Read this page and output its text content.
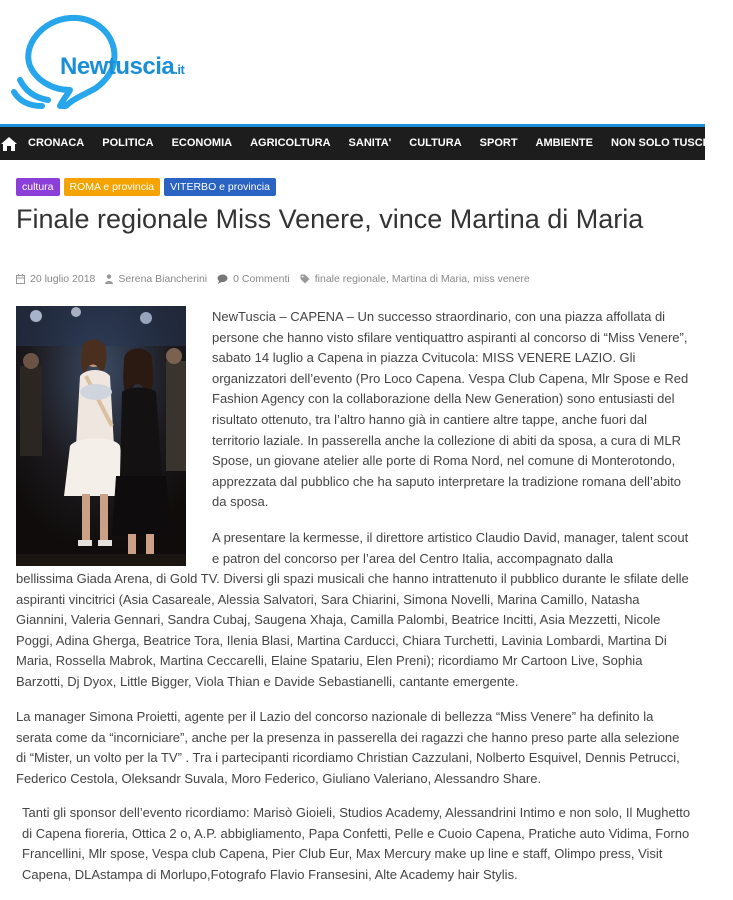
Newtuscia.it
CRONACA	POLITICA	ECONOMIA	AGRICOLTURA	SANITA'	CULTURA	SPORT	AMBIENTE	NON SOLO TUSCIA ⌄
cultura	ROMA e provincia	VITERBO e provincia
Finale regionale Miss Venere, vince Martina di Maria
20 luglio 2018 Serena Biancherini 0 Commenti finale regionale , Martina di Maria , miss venere

NewTuscia – CAPENA – Un successo straordinario, con una piazza affollata di persone che hanno visto sfilare ventiquattro aspiranti al concorso di “Miss Venere”, sabato 14 luglio a Capena in piazza Cvitucola: MISS VENERE LAZIO. Gli organizzatori dell’evento (Pro Loco Capena. Vespa Club Capena, Mlr Spose e Red Fashion Agency con la collaborazione della New Generation) sono entusiasti del risultato ottenuto, tra l’altro hanno già in cantiere altre tappe, anche fuori dal territorio laziale. In passerella anche la collezione di abiti da sposa, a cura di MLR Spose, un giovane atelier alle porte di Roma Nord, nel comune di Monterotondo, apprezzata dal pubblico che ha saputo interpretare la tradizione romana dell’abito da sposa.

A presentare la kermesse, il direttore artistico Claudio David, manager, talent scout e patron del concorso per l’area del Centro Italia, accompagnato dalla

bellissima Giada Arena, di Gold TV. Diversi gli spazi musicali che hanno intrattenuto il pubblico durante le sfilate delle aspiranti vincitrici (Asia Casareale, Alessia Salvatori, Sara Chiarini, Simona Novelli, Marina Camillo, Natasha Giannini, Valeria Gennari, Sandra Cubaj, Saugena Xhaja, Camilla Palombi, Beatrice Incitti, Asia Mezzetti, Nicole Poggi, Adina Gherga, Beatrice Tora, Ilenia Blasi, Martina Carducci, Chiara Turchetti, Lavinia Lombardi, Martina Di Maria, Rossella Mabrok, Martina Ceccarelli, Elaine Spatariu, Elen Preni); ricordiamo Mr Cartoon Live, Sophia Barzotti, Dj Dyox, Little Bigger, Viola Thian e Davide Sebastianelli, cantante emergente.

La manager Simona Proietti, agente per il Lazio del concorso nazionale di bellezza “Miss Venere” ha definito la serata come da “incorniciare”, anche per la presenza in passerella dei ragazzi che hanno preso parte alla selezione di “Mister, un volto per la TV” . Tra i partecipanti ricordiamo Christian Cazzulani, Nolberto Esquivel, Dennis Petrucci, Federico Cestola, Oleksandr Suvala, Moro Federico, Giuliano Valeriano, Alessandro Share.

Tanti gli sponsor dell’evento ricordiamo: Marisò Gioieli, Studios Academy, Alessandrini Intimo e non solo, Il Mughetto di Capena fioreria, Ottica 2 o, A.P. abbigliamento, Papa Confetti, Pelle e Cuoio Capena, Pratiche auto Vidima, Forno Francellini, Mlr spose, Vespa club Capena, Pier Club Eur, Max Mercury make up line e staff, Olimpo press, Visit Capena, DLAstampa di Morlupo,Fotografo Flavio Fransesini, Alte Academy hair Stylis.
